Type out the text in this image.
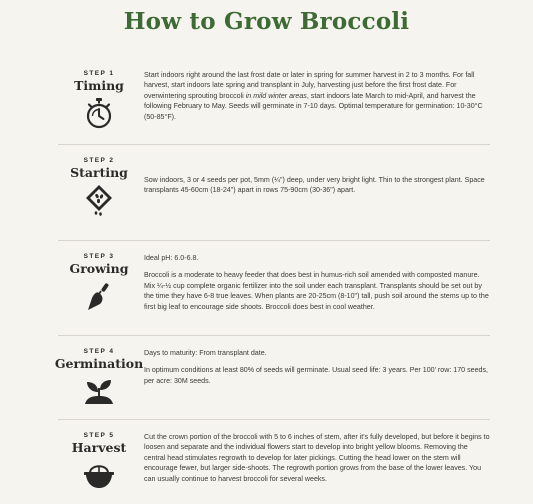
How to Grow Broccoli
STEP 1
Timing

Start indoors right around the last frost date or later in spring for summer harvest in 2 to 3 months. For fall harvest, start indoors late spring and transplant in July, harvesting just before the first frost date. For overwintering sprouting broccoli in mild winter areas, start indoors late March to mid-April, and harvest the following February to May. Seeds will germinate in 7-10 days. Optimal temperature for germination: 10-30°C (50-85°F).

STEP 2
Starting Sow indoors, 3 or 4 seeds per pot, 5mm (¼") deep, under very bright light. Thin to the strongest plant. Space transplants 45-60cm (18-24") apart in rows 75-90cm (30-36") apart.

STEP 3
Growing

Ideal pH: 6.0-6.8.

Broccoli is a moderate to heavy feeder that does best in humus-rich soil amended with composted manure. Mix ¼-½ cup complete organic fertilizer into the soil under each transplant. Transplants should be set out by the time they have 6-8 true leaves. When plants are 20-25cm (8-10") tall, push soil around the stems up to the first big leaf to encourage side shoots. Broccoli does best in cool weather.

STEP 4
Germination

Days to maturity: From transplant date.

In optimum conditions at least 80% of seeds will germinate. Usual seed life: 3 years. Per 100' row: 170 seeds, per acre: 30M seeds.

STEP 5
Harvest

Cut the crown portion of the broccoli with 5 to 6 inches of stem, after it's fully developed, but before it begins to loosen and separate and the individual flowers start to develop into bright yellow blooms. Removing the central head stimulates regrowth to develop for later pickings. Cutting the head lower on the stem will encourage fewer, but larger side-shoots. The regrowth portion grows from the base of the lower leaves. You can usually continue to harvest broccoli for several weeks.
